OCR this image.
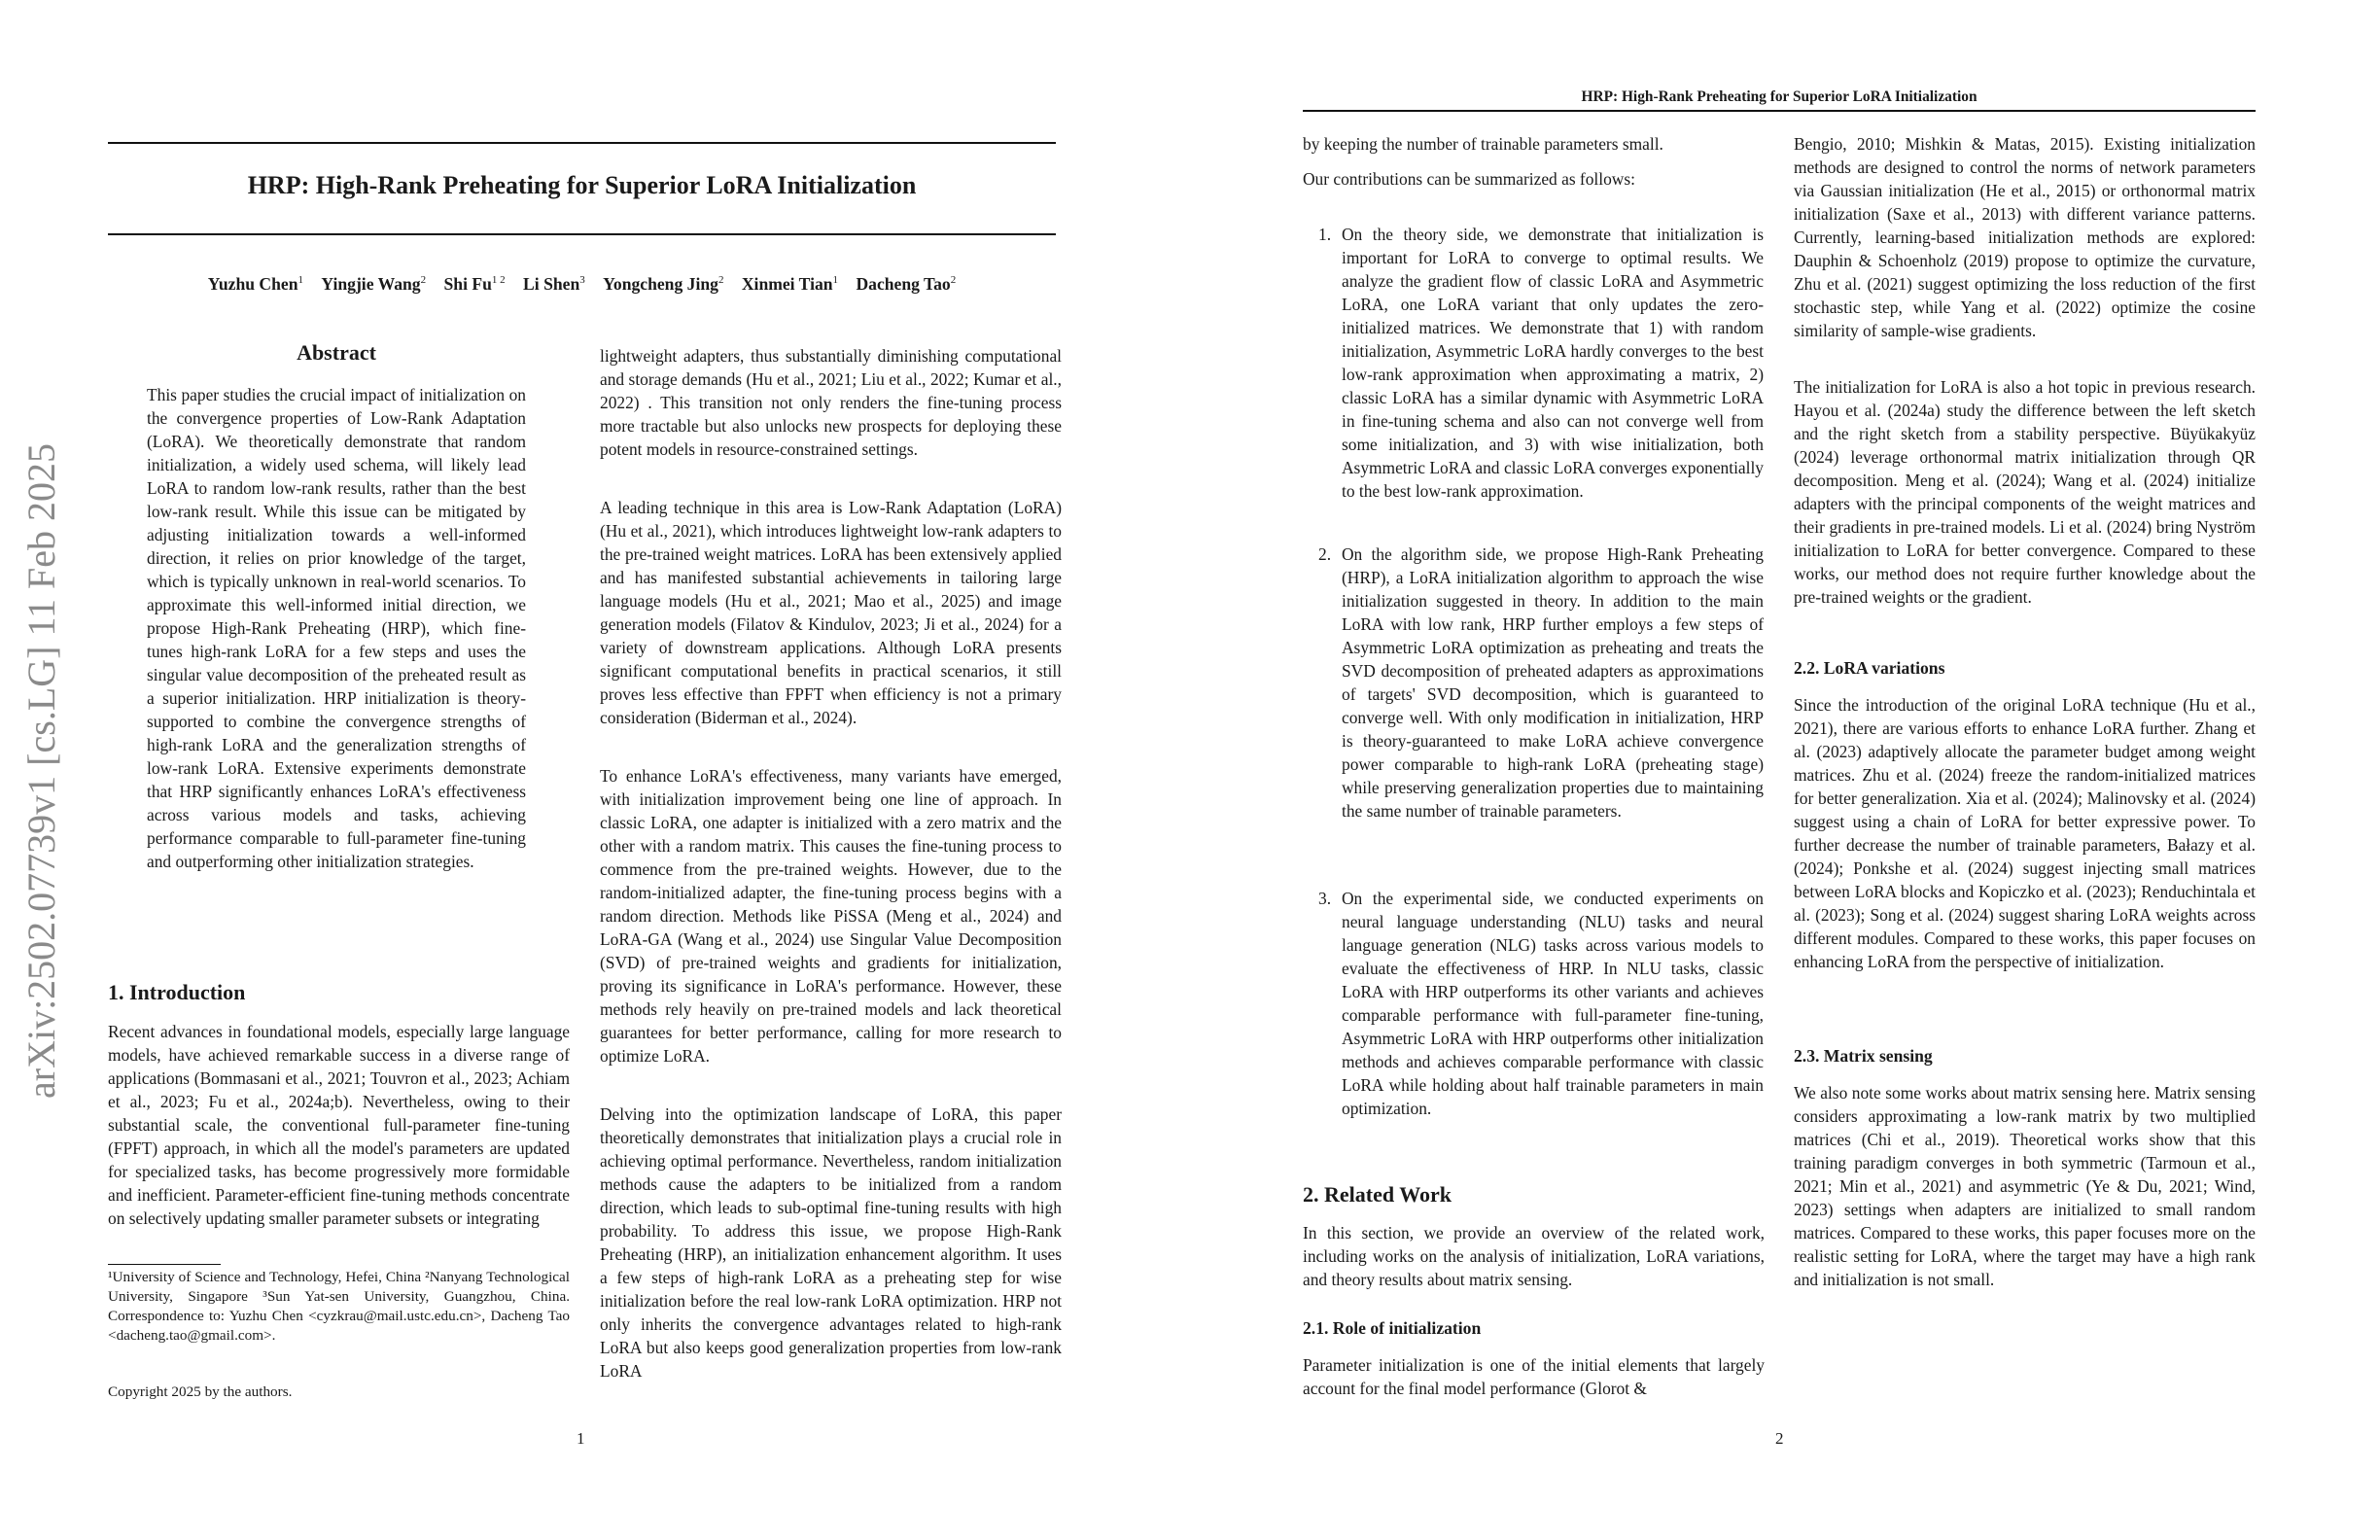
arXiv:2502.07739v1 [cs.LG] 11 Feb 2025
HRP: High-Rank Preheating for Superior LoRA Initialization
Yuzhu Chen$^1$ Yingjie Wang$^2$ Shi $Fu^{1 2}$ Li Shen$^3$ Yongcheng Jing$^2$ Xinmei Tian$^1$ Dacheng Tao$^2$
Abstract

This paper studies the crucial impact of initialization on the convergence properties of Low-Rank Adaptation (LoRA). We theoretically demonstrate that random initialization, a widely used schema, will likely lead LoRA to random low-rank results, rather than the best low-rank result. While this issue can be mitigated by adjusting initialization towards a well-informed direction, it relies on prior knowledge of the target, which is typically unknown in real-world scenarios. To approximate this well-informed initial direction, we propose High-Rank Preheating (HRP), which fine-tunes high-rank LoRA for a few steps and uses the singular value decomposition of the preheated result as a superior initialization. HRP initialization is theory-supported to combine the convergence strengths of high-rank LoRA and the generalization strengths of low-rank LoRA. Extensive experiments demonstrate that HRP significantly enhances LoRA's effectiveness across various models and tasks, achieving performance comparable to full-parameter fine-tuning and outperforming other initialization strategies.

1. Introduction

Recent advances in foundational models, especially large language models, have achieved remarkable success in a diverse range of applications (Bommasani et al., 2021; Touvron et al., 2023; Achiam et al., 2023; Fu et al., 2024a;b). Nevertheless, owing to their substantial scale, the conventional full-parameter fine-tuning (FPFT) approach, in which all the model's parameters are updated for specialized tasks, has become progressively more formidable and inefficient. Parameter-efficient fine-tuning methods concentrate on selectively updating smaller parameter subsets or integrating

¹University of Science and Technology, Hefei, China ²Nanyang Technological University, Singapore ³Sun Yat-sen University, Guangzhou, China. Correspondence to: Yuzhu Chen <cyzkrau@mail.ustc.edu.cn>, Dacheng Tao <dacheng.tao@gmail.com>.

Copyright 2025 by the authors.

lightweight adapters, thus substantially diminishing computational and storage demands (Hu et al., 2021; Liu et al., 2022; Kumar et al., 2022) . This transition not only renders the fine-tuning process more tractable but also unlocks new prospects for deploying these potent models in resource-constrained settings.

A leading technique in this area is Low-Rank Adaptation (LoRA) (Hu et al., 2021), which introduces lightweight low-rank adapters to the pre-trained weight matrices. LoRA has been extensively applied and has manifested substantial achievements in tailoring large language models (Hu et al., 2021; Mao et al., 2025) and image generation models (Filatov & Kindulov, 2023; Ji et al., 2024) for a variety of downstream applications. Although LoRA presents significant computational benefits in practical scenarios, it still proves less effective than FPFT when efficiency is not a primary consideration (Biderman et al., 2024).

To enhance LoRA's effectiveness, many variants have emerged, with initialization improvement being one line of approach. In classic LoRA, one adapter is initialized with a zero matrix and the other with a random matrix. This causes the fine-tuning process to commence from the pre-trained weights. However, due to the random-initialized adapter, the fine-tuning process begins with a random direction. Methods like PiSSA (Meng et al., 2024) and LoRA-GA (Wang et al., 2024) use Singular Value Decomposition (SVD) of pre-trained weights and gradients for initialization, proving its significance in LoRA's performance. However, these methods rely heavily on pre-trained models and lack theoretical guarantees for better performance, calling for more research to optimize LoRA.

Delving into the optimization landscape of LoRA, this paper theoretically demonstrates that initialization plays a crucial role in achieving optimal performance. Nevertheless, random initialization methods cause the adapters to be initialized from a random direction, which leads to sub-optimal fine-tuning results with high probability. To address this issue, we propose High-Rank Preheating (HRP), an initialization enhancement algorithm. It uses a few steps of high-rank LoRA as a preheating step for wise initialization before the real low-rank LoRA optimization. HRP not only inherits the convergence advantages related to high-rank LoRA but also keeps good generalization properties from low-rank LoRA

1
HRP: High-Rank Preheating for Superior LoRA Initialization

by keeping the number of trainable parameters small.

Our contributions can be summarized as follows:

1. On the theory side, we demonstrate that initialization is important for LoRA to converge to optimal results. We analyze the gradient flow of classic LoRA and Asymmetric LoRA, one LoRA variant that only updates the zero-initialized matrices. We demonstrate that 1) with random initialization, Asymmetric LoRA hardly converges to the best low-rank approximation when approximating a matrix, 2) classic LoRA has a similar dynamic with Asymmetric LoRA in fine-tuning schema and also can not converge well from some initialization, and 3) with wise initialization, both Asymmetric LoRA and classic LoRA converges exponentially to the best low-rank approximation.
2. On the algorithm side, we propose High-Rank Preheating (HRP), a LoRA initialization algorithm to approach the wise initialization suggested in theory. In addition to the main LoRA with low rank, HRP further employs a few steps of Asymmetric LoRA optimization as preheating and treats the SVD decomposition of preheated adapters as approximations of targets' SVD decomposition, which is guaranteed to converge well. With only modification in initialization, HRP is theory-guaranteed to make LoRA achieve convergence power comparable to high-rank LoRA (preheating stage) while preserving generalization properties due to maintaining the same number of trainable parameters.
3. On the experimental side, we conducted experiments on neural language understanding (NLU) tasks and neural language generation (NLG) tasks across various models to evaluate the effectiveness of HRP. In NLU tasks, classic LoRA with HRP outperforms its other variants and achieves comparable performance with full-parameter fine-tuning, Asymmetric LoRA with HRP outperforms other initialization methods and achieves comparable performance with classic LoRA while holding about half trainable parameters in main optimization.
2. Related Work

In this section, we provide an overview of the related work, including works on the analysis of initialization, LoRA variations, and theory results about matrix sensing.

2.1. Role of initialization

Parameter initialization is one of the initial elements that largely account for the final model performance (Glorot &

Bengio, 2010; Mishkin & Matas, 2015). Existing initialization methods are designed to control the norms of network parameters via Gaussian initialization (He et al., 2015) or orthonormal matrix initialization (Saxe et al., 2013) with different variance patterns. Currently, learning-based initialization methods are explored: Dauphin & Schoenholz (2019) propose to optimize the curvature, Zhu et al. (2021) suggest optimizing the loss reduction of the first stochastic step, while Yang et al. (2022) optimize the cosine similarity of sample-wise gradients.

The initialization for LoRA is also a hot topic in previous research. Hayou et al. (2024a) study the difference between the left sketch and the right sketch from a stability perspective. Büyükakyüz (2024) leverage orthonormal matrix initialization through QR decomposition. Meng et al. (2024); Wang et al. (2024) initialize adapters with the principal components of the weight matrices and their gradients in pre-trained models. Li et al. (2024) bring Nyström initialization to LoRA for better convergence. Compared to these works, our method does not require further knowledge about the pre-trained weights or the gradient.

2.2. LoRA variations

Since the introduction of the original LoRA technique (Hu et al., 2021), there are various efforts to enhance LoRA further. Zhang et al. (2023) adaptively allocate the parameter budget among weight matrices. Zhu et al. (2024) freeze the random-initialized matrices for better generalization. Xia et al. (2024); Malinovsky et al. (2024) suggest using a chain of LoRA for better expressive power. To further decrease the number of trainable parameters, Bałazy et al. (2024); Ponkshe et al. (2024) suggest injecting small matrices between LoRA blocks and Kopiczko et al. (2023); Renduchintala et al. (2023); Song et al. (2024) suggest sharing LoRA weights across different modules. Compared to these works, this paper focuses on enhancing LoRA from the perspective of initialization.

2.3. Matrix sensing

We also note some works about matrix sensing here. Matrix sensing considers approximating a low-rank matrix by two multiplied matrices (Chi et al., 2019). Theoretical works show that this training paradigm converges in both symmetric (Tarmoun et al., 2021; Min et al., 2021) and asymmetric (Ye & Du, 2021; Wind, 2023) settings when adapters are initialized to small random matrices. Compared to these works, this paper focuses more on the realistic setting for LoRA, where the target may have a high rank and initialization is not small.

2
